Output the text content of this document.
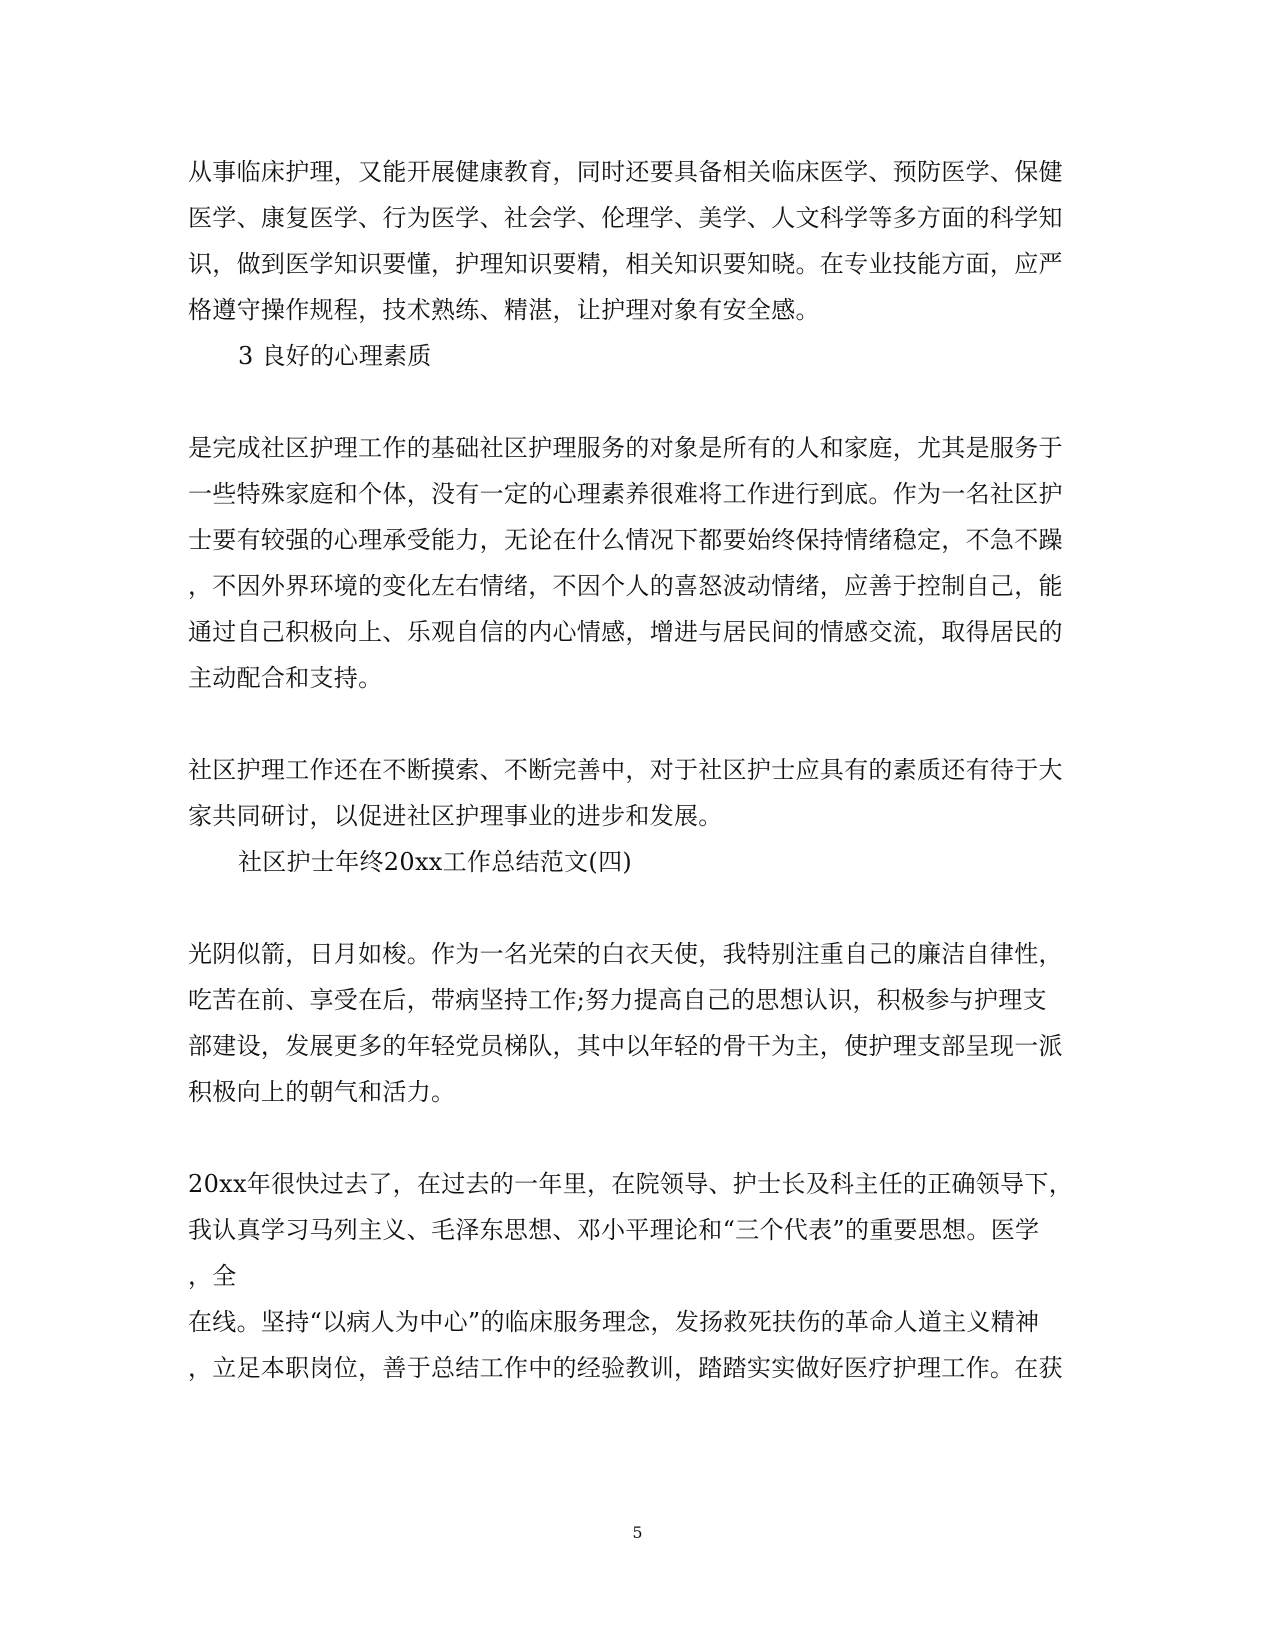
从事临床护理，又能开展健康教育，同时还要具备相关临床医学、预防医学、保健
医学、康复医学、行为医学、社会学、伦理学、美学、人文科学等多方面的科学知
识，做到医学知识要懂，护理知识要精，相关知识要知晓。在专业技能方面，应严
格遵守操作规程，技术熟练、精湛，让护理对象有安全感。
3 良好的心理素质
是完成社区护理工作的基础社区护理服务的对象是所有的人和家庭，尤其是服务于
一些特殊家庭和个体，没有一定的心理素养很难将工作进行到底。作为一名社区护
士要有较强的心理承受能力，无论在什么情况下都要始终保持情绪稳定，不急不躁
，不因外界环境的变化左右情绪，不因个人的喜怒波动情绪，应善于控制自己，能
通过自己积极向上、乐观自信的内心情感，增进与居民间的情感交流，取得居民的
主动配合和支持。
社区护理工作还在不断摸索、不断完善中，对于社区护士应具有的素质还有待于大
家共同研讨，以促进社区护理事业的进步和发展。
社区护士年终20xx工作总结范文(四)
光阴似箭，日月如梭。作为一名光荣的白衣天使，我特别注重自己的廉洁自律性，
吃苦在前、享受在后，带病坚持工作;努力提高自己的思想认识，积极参与护理支
部建设，发展更多的年轻党员梯队，其中以年轻的骨干为主，使护理支部呈现一派
积极向上的朝气和活力。
20xx年很快过去了，在过去的一年里，在院领导、护士长及科主任的正确领导下，
我认真学习马列主义、毛泽东思想、邓小平理论和“三个代表”的重要思想。医学
，全
在线。坚持“以病人为中心”的临床服务理念，发扬救死扶伤的革命人道主义精神
，立足本职岗位，善于总结工作中的经验教训，踏踏实实做好医疗护理工作。在获
5
